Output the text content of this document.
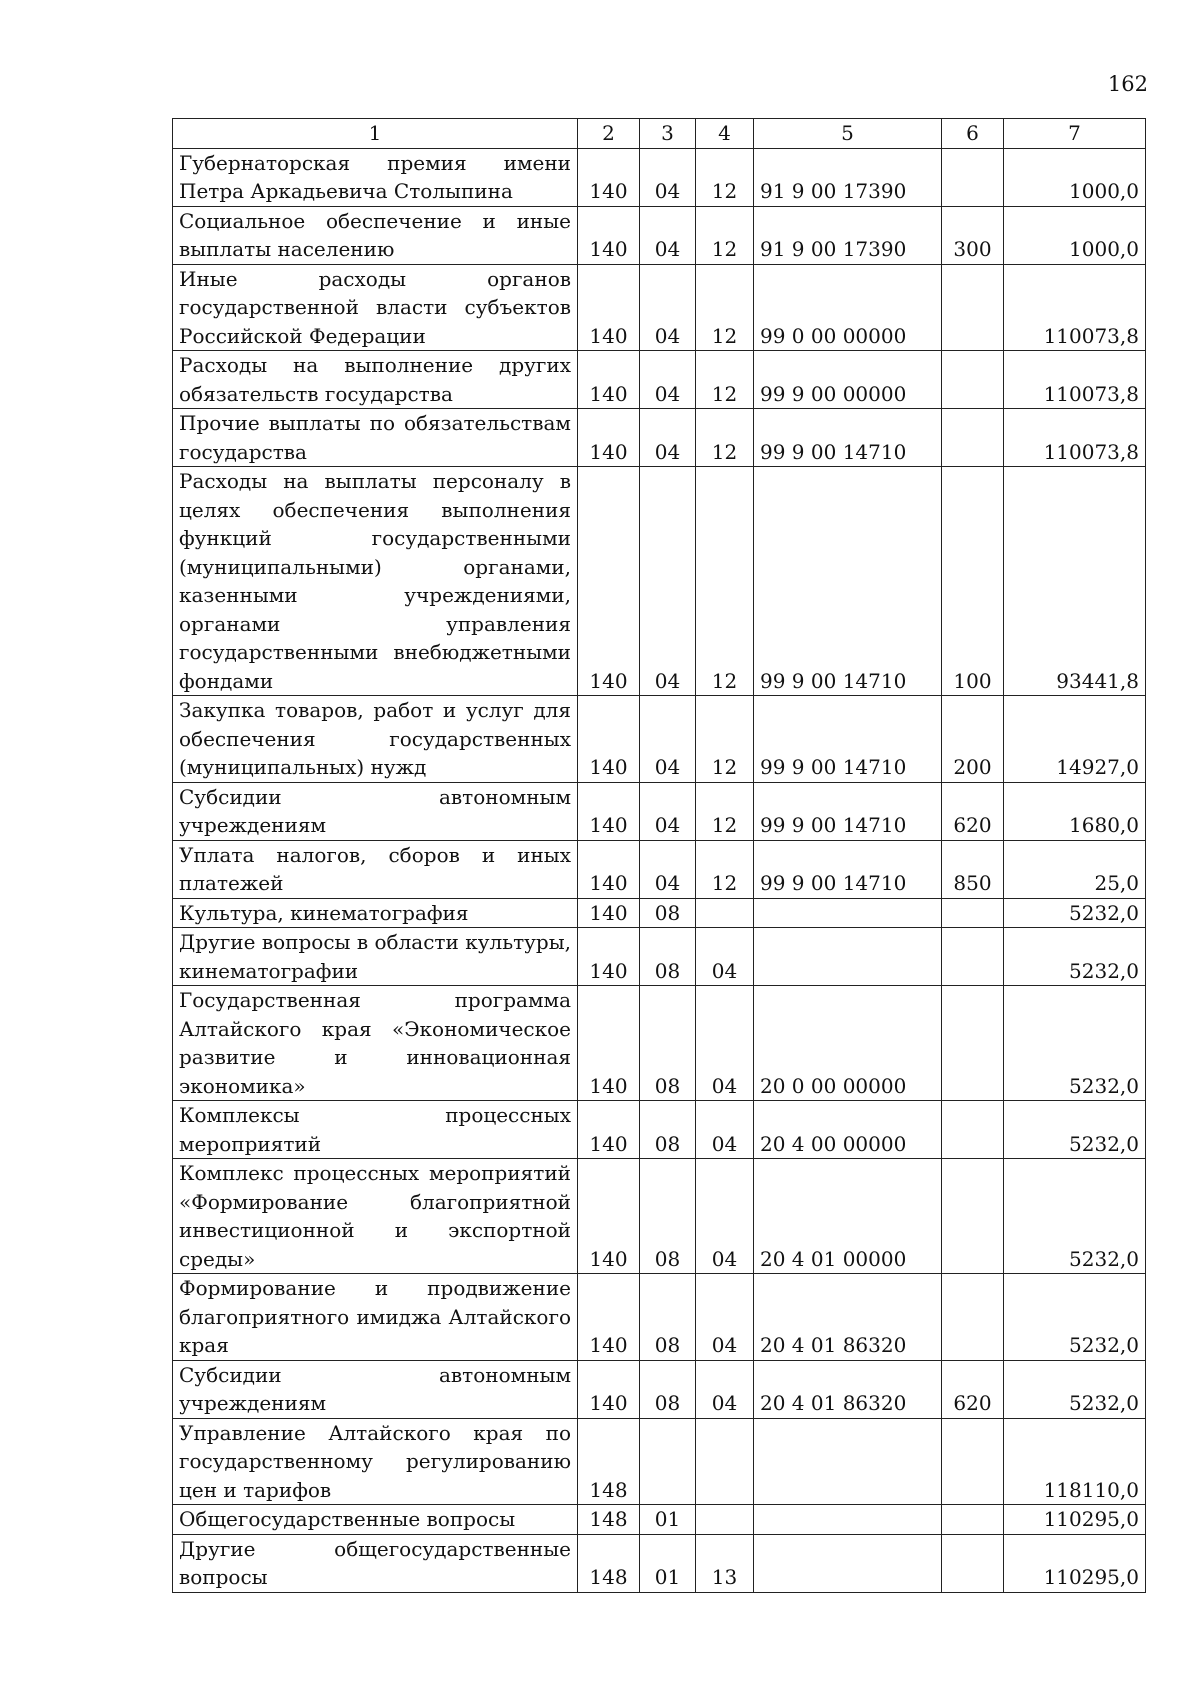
162
1	2	3	4	5	6	7
Губернаторская премия имени Петра Аркадьевича Столыпина	140	04	12	91 9 00 17390		1000,0
Социальное обеспечение и иные выплаты населению	140	04	12	91 9 00 17390	300	1000,0
Иные расходы органов государственной власти субъектов Российской Федерации	140	04	12	99 0 00 00000		110073,8
Расходы на выполнение других обязательств государства	140	04	12	99 9 00 00000		110073,8
Прочие выплаты по обязательствам государства	140	04	12	99 9 00 14710		110073,8
Расходы на выплаты персоналу в целях обеспечения выполнения функций государственными (муниципальными) органами, казенными учреждениями, органами управления государственными внебюджетными фондами	140	04	12	99 9 00 14710	100	93441,8
Закупка товаров, работ и услуг для обеспечения государственных (муниципальных) нужд	140	04	12	99 9 00 14710	200	14927,0
Субсидии автономным учреждениям	140	04	12	99 9 00 14710	620	1680,0
Уплата налогов, сборов и иных платежей	140	04	12	99 9 00 14710	850	25,0
Культура, кинематография	140	08				5232,0
Другие вопросы в области культуры, кинематографии	140	08	04			5232,0
Государственная программа Алтайского края «Экономическое развитие и инновационная экономика»	140	08	04	20 0 00 00000		5232,0
Комплексы процессных мероприятий	140	08	04	20 4 00 00000		5232,0
Комплекс процессных мероприятий «Формирование благоприятной инвестиционной и экспортной среды»	140	08	04	20 4 01 00000		5232,0
Формирование и продвижение благоприятного имиджа Алтайского края	140	08	04	20 4 01 86320		5232,0
Субсидии автономным учреждениям	140	08	04	20 4 01 86320	620	5232,0
Управление Алтайского края по государственному регулированию цен и тарифов	148					118110,0
Общегосударственные вопросы	148	01				110295,0
Другие общегосударственные вопросы	148	01	13			110295,0
